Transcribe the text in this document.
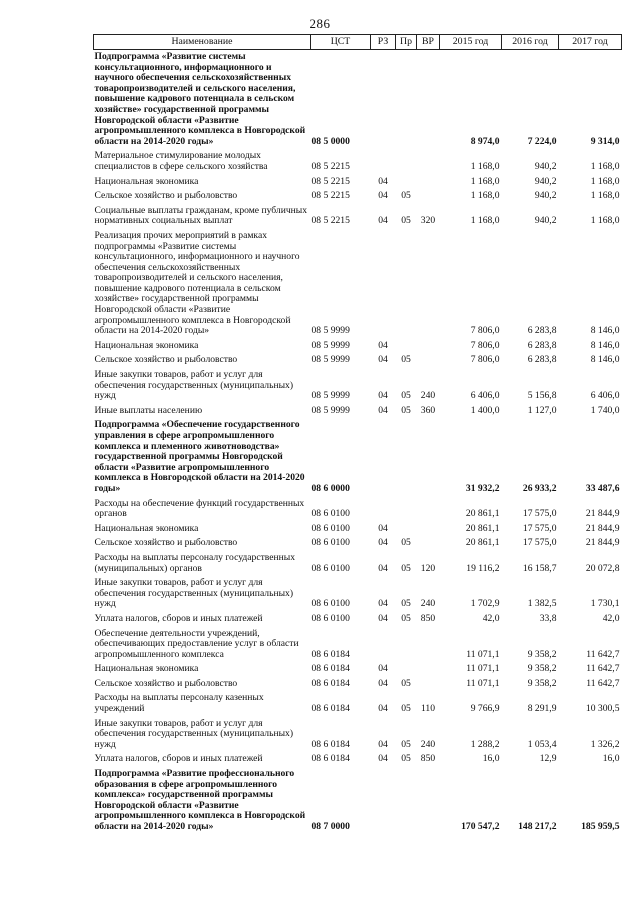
286
Наименование	ЦСТ	РЗ	Пр	ВР	2015 год	2016 год	2017 год
Подпрограмма «Развитие системы консультационного, информационного и научного обеспечения сельскохозяйственных товаропроизводителей и сельского населения, повышение кадрового потенциала в сельском хозяйстве» государственной программы Новгородской области «Развитие агропромышленного комплекса в Новгородской области на 2014-2020 годы»	08 5 0000				8 974,0	7 224,0	9 314,0
Материальное стимулирование молодых специалистов в сфере сельского хозяйства	08 5 2215				1 168,0	940,2	1 168,0
Национальная экономика	08 5 2215	04			1 168,0	940,2	1 168,0
Сельское хозяйство и рыболовство	08 5 2215	04	05		1 168,0	940,2	1 168,0
Социальные выплаты гражданам, кроме публичных нормативных социальных выплат	08 5 2215	04	05	320	1 168,0	940,2	1 168,0
Реализация прочих мероприятий в рамках подпрограммы «Развитие системы консультационного, информационного и научного обеспечения сельскохозяйственных товаропроизводителей и сельского населения, повышение кадрового потенциала в сельском хозяйстве» государственной программы Новгородской области «Развитие агропромышленного комплекса в Новгородской области на 2014-2020 годы»	08 5 9999				7 806,0	6 283,8	8 146,0
Национальная экономика	08 5 9999	04			7 806,0	6 283,8	8 146,0
Сельское хозяйство и рыболовство	08 5 9999	04	05		7 806,0	6 283,8	8 146,0
Иные закупки товаров, работ и услуг для обеспечения государственных (муниципальных) нужд	08 5 9999	04	05	240	6 406,0	5 156,8	6 406,0
Иные выплаты населению	08 5 9999	04	05	360	1 400,0	1 127,0	1 740,0
Подпрограмма «Обеспечение государственного управления в сфере агропромышленного комплекса и племенного животноводства» государственной программы Новгородской области «Развитие агропромышленного комплекса в Новгородской области на 2014-2020 годы»	08 6 0000				31 932,2	26 933,2	33 487,6
Расходы на обеспечение функций государственных органов	08 6 0100				20 861,1	17 575,0	21 844,9
Национальная экономика	08 6 0100	04			20 861,1	17 575,0	21 844,9
Сельское хозяйство и рыболовство	08 6 0100	04	05		20 861,1	17 575,0	21 844,9
Расходы на выплаты персоналу государственных (муниципальных) органов	08 6 0100	04	05	120	19 116,2	16 158,7	20 072,8
Иные закупки товаров, работ и услуг для обеспечения государственных (муниципальных) нужд	08 6 0100	04	05	240	1 702,9	1 382,5	1 730,1
Уплата налогов, сборов и иных платежей	08 6 0100	04	05	850	42,0	33,8	42,0
Обеспечение деятельности учреждений, обеспечивающих предоставление услуг в области агропромышленного комплекса	08 6 0184				11 071,1	9 358,2	11 642,7
Национальная экономика	08 6 0184	04			11 071,1	9 358,2	11 642,7
Сельское хозяйство и рыболовство	08 6 0184	04	05		11 071,1	9 358,2	11 642,7
Расходы на выплаты персоналу казенных учреждений	08 6 0184	04	05	110	9 766,9	8 291,9	10 300,5
Иные закупки товаров, работ и услуг для обеспечения государственных (муниципальных) нужд	08 6 0184	04	05	240	1 288,2	1 053,4	1 326,2
Уплата налогов, сборов и иных платежей	08 6 0184	04	05	850	16,0	12,9	16,0
Подпрограмма «Развитие профессионального образования в сфере агропромышленного комплекса» государственной программы Новгородской области «Развитие агропромышленного комплекса в Новгородской области на 2014-2020 годы»	08 7 0000				170 547,2	148 217,2	185 959,5
